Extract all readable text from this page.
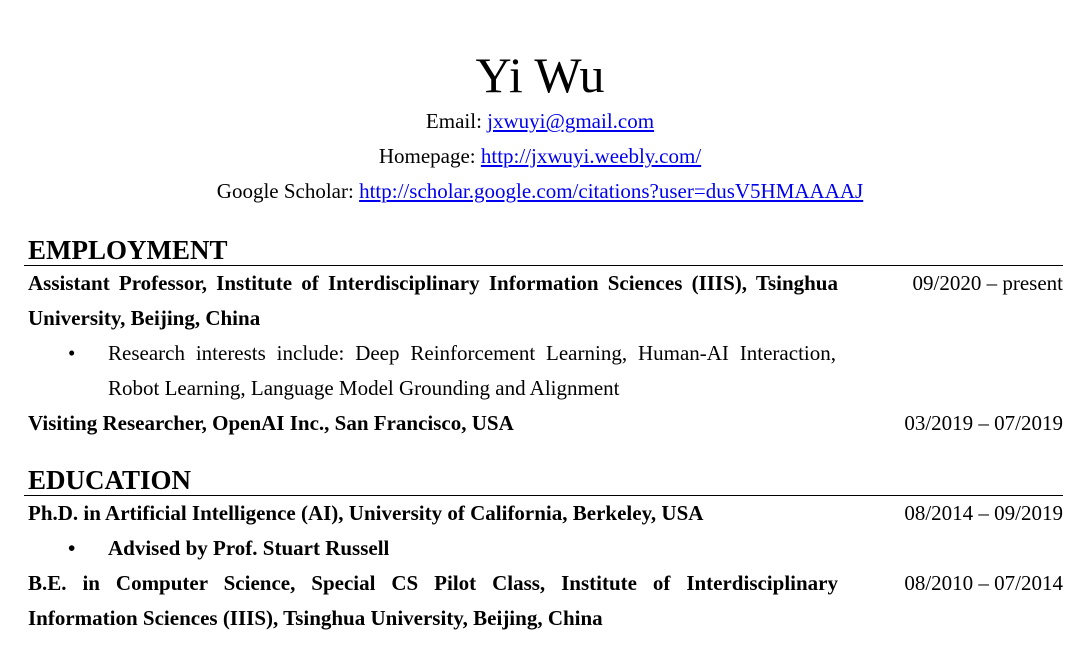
Yi Wu
Email: jxwuyi@gmail.com
Homepage: http://jxwuyi.weebly.com/
Google Scholar: http://scholar.google.com/citations?user=dusV5HMAAAAJ
EMPLOYMENT
Assistant Professor, Institute of Interdisciplinary Information Sciences (IIIS), Tsinghua University, Beijing, China
09/2020 – present
• Research interests include: Deep Reinforcement Learning, Human-AI Interaction, Robot Learning, Language Model Grounding and Alignment
Visiting Researcher, OpenAI Inc., San Francisco, USA	03/2019 – 07/2019
EDUCATION
Ph.D. in Artificial Intelligence (AI), University of California, Berkeley, USA	08/2014 – 09/2019
• Advised by Prof. Stuart Russell
B.E. in Computer Science, Special CS Pilot Class, Institute of Interdisciplinary Information Sciences (IIIS), Tsinghua University, Beijing, China
08/2010 – 07/2014
